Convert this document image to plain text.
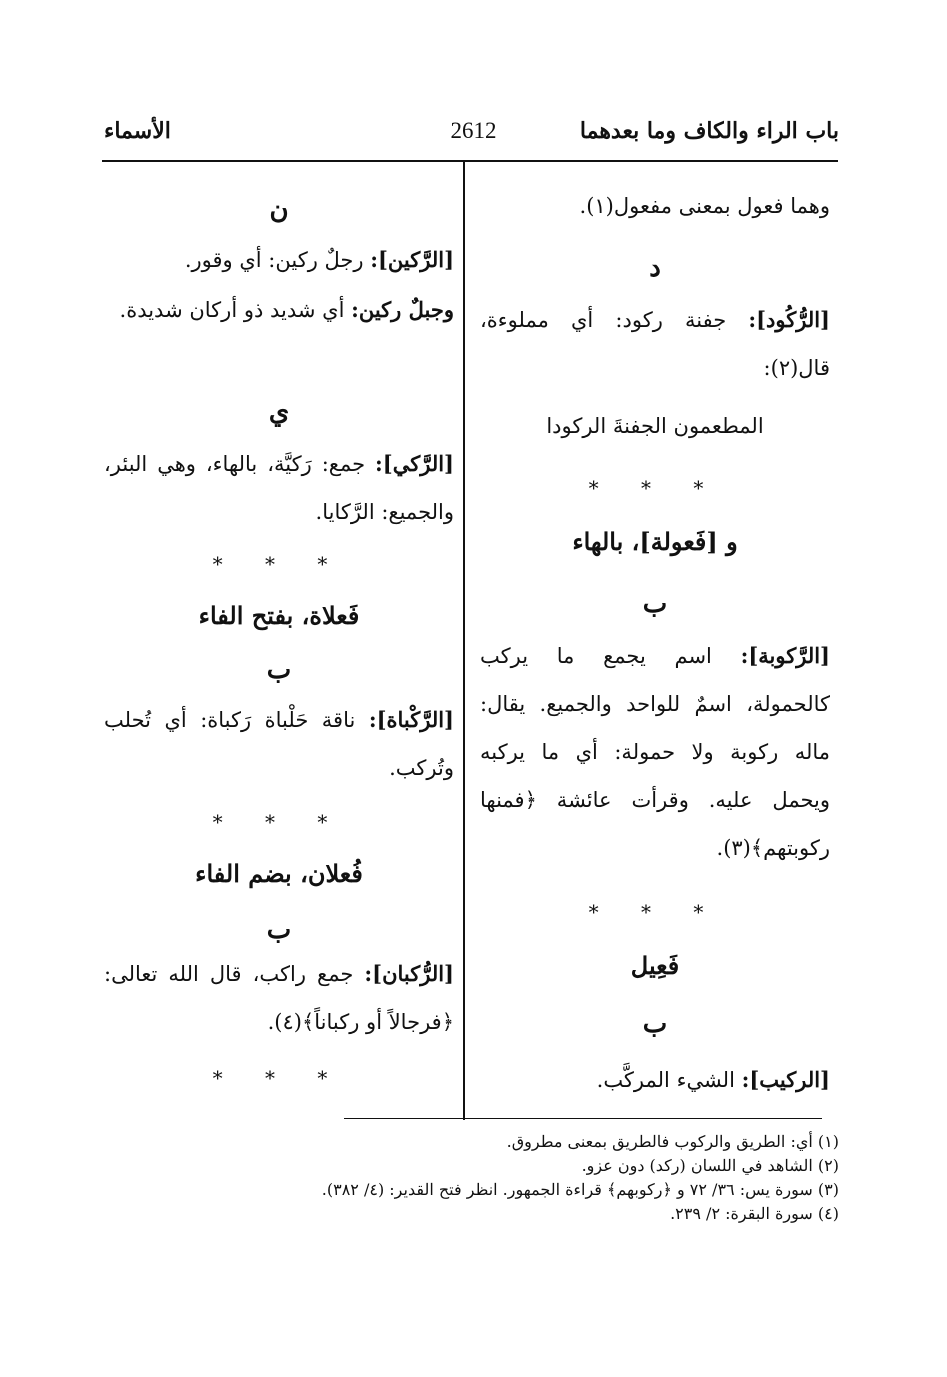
باب الراء والكاف وما بعدهما
2612
الأسماء
وهما فعول بمعنى مفعول(١).
د
[الرُّكُود]: جفنة ركود: أي مملوءة، قال(٢):
المطعمون الجفنةَ الركودا
* * *
و [فَعولة]، بالهاء
ب
[الرَّكوبة]: اسم يجمع ما يركب كالحمولة، اسمٌ للواحد والجميع. يقال: ماله ركوبة ولا حمولة: أي ما يركبه ويحمل عليه. وقرأت عائشة ﴿فمنها ركوبتهم﴾(٣).
* * *
فَعِيل
ب
[الركيب]: الشيء المركَّب.
ن
[الرَّكين]: رجلٌ ركين: أي وقور.
وجبلٌ ركين: أي شديد ذو أركان شديدة.
ي
[الرَّكي]: جمع: رَكيَّة، بالهاء، وهي البئر، والجميع: الرَّكايا.
* * *
فَعلاة، بفتح الفاء
ب
[الرَّكْباة]: ناقة حَلْباة رَكباة: أي تُحلب وتُركب.
* * *
فُعلان، بضم الفاء
ب
[الرُّكبان]: جمع راكب، قال الله تعالى: ﴿فرجالاً أو ركباناً﴾(٤).
* * *
(١) أي: الطريق والركوب فالطريق بمعنى مطروق.
(٢) الشاهد في اللسان (ركد) دون عزو.
(٣) سورة يس: ٣٦/ ٧٢ و ﴿ركوبهم﴾ قراءة الجمهور. انظر فتح القدير: (٤/ ٣٨٢).
(٤) سورة البقرة: ٢/ ٢٣٩.
